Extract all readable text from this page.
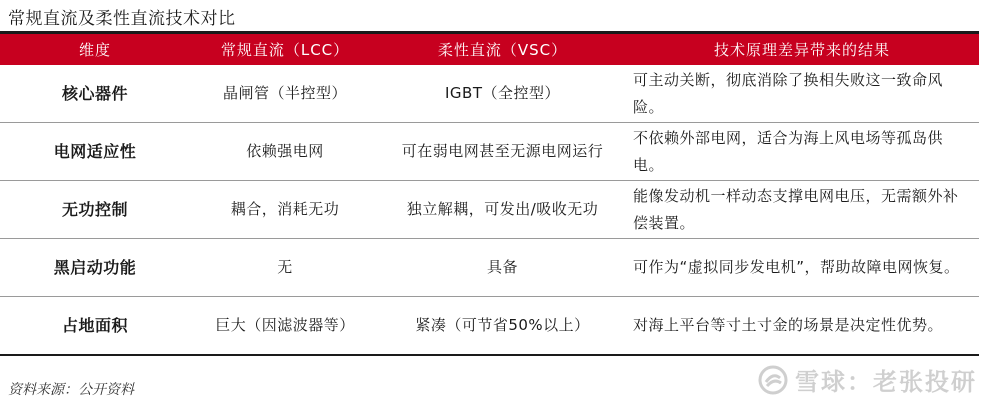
常规直流及柔性直流技术对比
维度	常规直流（LCC）	柔性直流（VSC）	技术原理差异带来的结果
核心器件	晶闸管（半控型）	IGBT（全控型）	可主动关断，彻底消除了换相失败这一致命风险。
电网适应性	依赖强电网	可在弱电网甚至无源电网运行	不依赖外部电网，适合为海上风电场等孤岛供电。
无功控制	耦合，消耗无功	独立解耦，可发出/吸收无功	能像发动机一样动态支撑电网电压，无需额外补偿装置。
黑启动功能	无	具备	可作为“虚拟同步发电机”，帮助故障电网恢复。
占地面积	巨大（因滤波器等）	紧凑（可节省50%以上）	对海上平台等寸土寸金的场景是决定性优势。
资料来源：公开资料	雪球：老张投研
